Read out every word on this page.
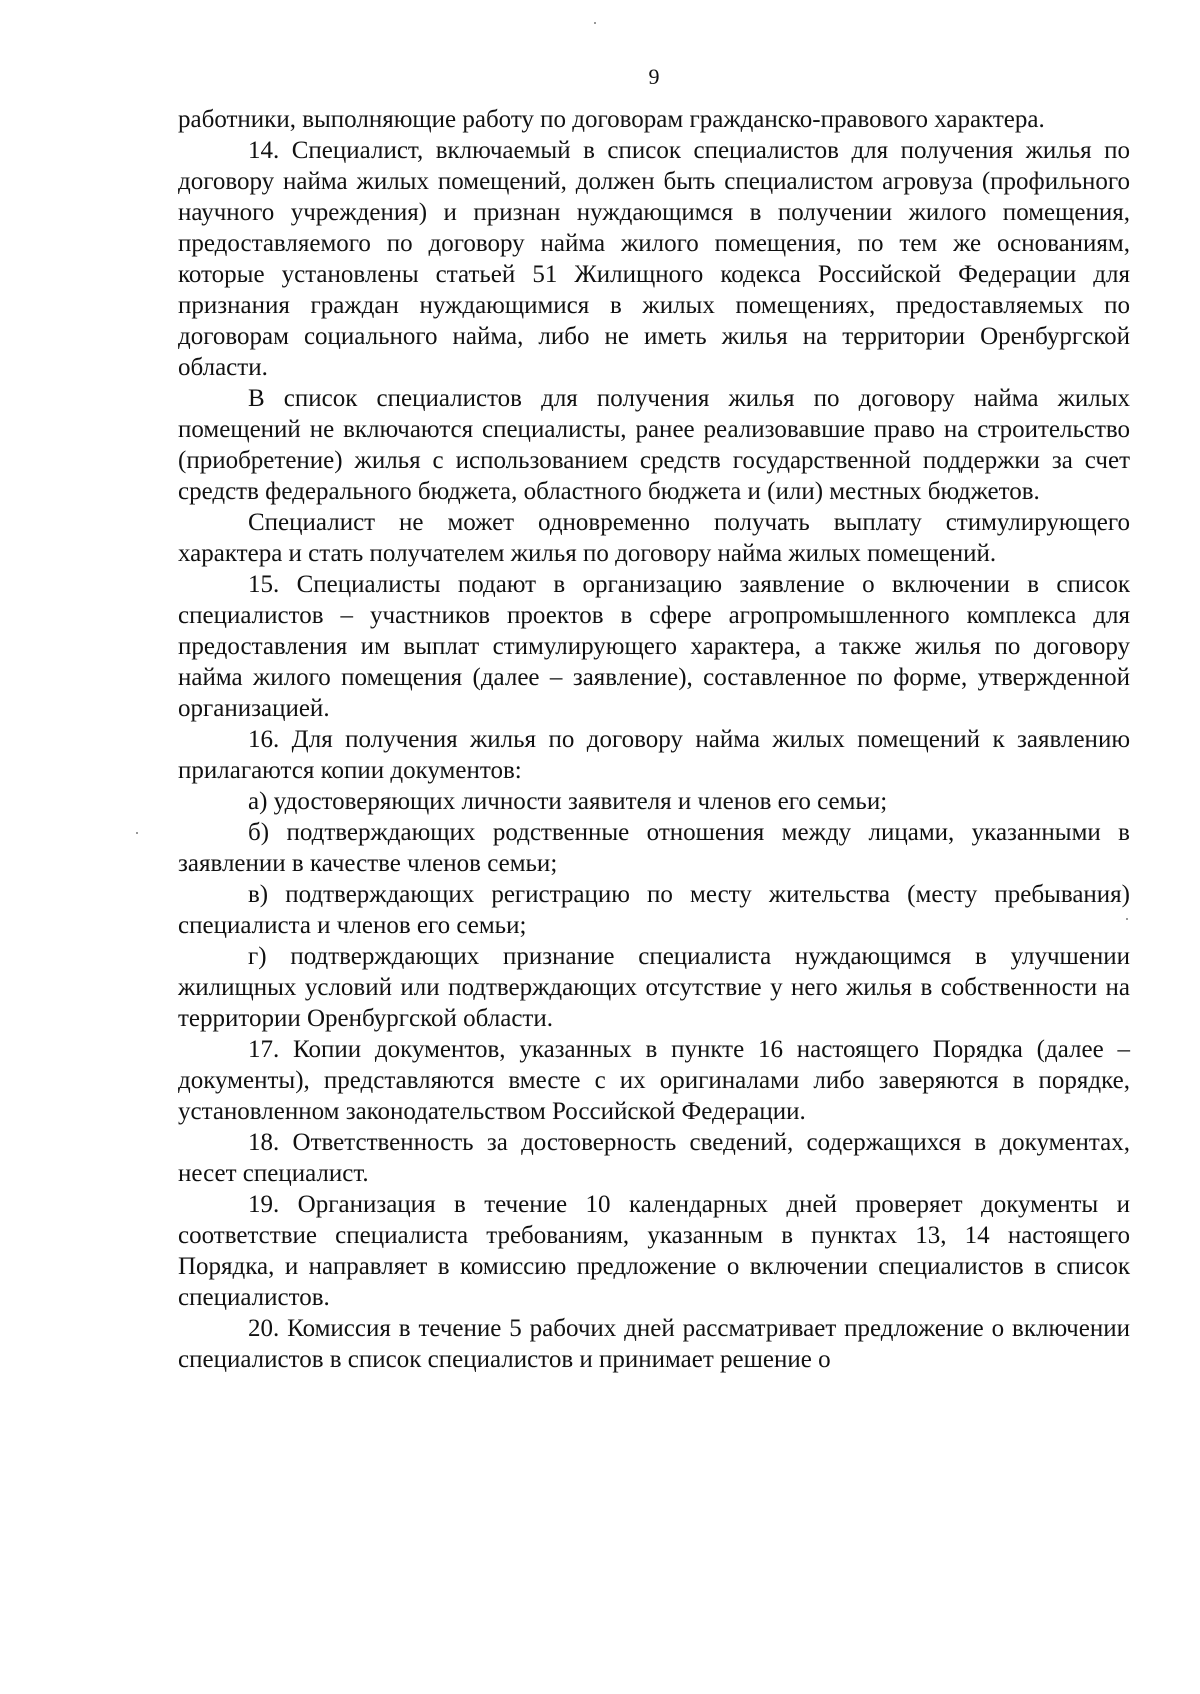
9

работники, выполняющие работу по договорам гражданско-правового характера.

14. Специалист, включаемый в список специалистов для получения жилья по договору найма жилых помещений, должен быть специалистом агровуза (профильного научного учреждения) и признан нуждающимся в получении жилого помещения, предоставляемого по договору найма жилого помещения, по тем же основаниям, которые установлены статьей 51 Жилищного кодекса Российской Федерации для признания граждан нуждающимися в жилых помещениях, предоставляемых по договорам социального найма, либо не иметь жилья на территории Оренбургской области.

В список специалистов для получения жилья по договору найма жилых помещений не включаются специалисты, ранее реализовавшие право на строительство (приобретение) жилья с использованием средств государственной поддержки за счет средств федерального бюджета, областного бюджета и (или) местных бюджетов.

Специалист не может одновременно получать выплату стимулирующего характера и стать получателем жилья по договору найма жилых помещений.

15. Специалисты подают в организацию заявление о включении в список специалистов – участников проектов в сфере агропромышленного комплекса для предоставления им выплат стимулирующего характера, а также жилья по договору найма жилого помещения (далее – заявление), составленное по форме, утвержденной организацией.

16. Для получения жилья по договору найма жилых помещений к заявлению прилагаются копии документов:

а) удостоверяющих личности заявителя и членов его семьи;

б) подтверждающих родственные отношения между лицами, указанными в заявлении в качестве членов семьи;

в) подтверждающих регистрацию по месту жительства (месту пребывания) специалиста и членов его семьи;

г) подтверждающих признание специалиста нуждающимся в улучшении жилищных условий или подтверждающих отсутствие у него жилья в собственности на территории Оренбургской области.

17. Копии документов, указанных в пункте 16 настоящего Порядка (далее – документы), представляются вместе с их оригиналами либо заверяются в порядке, установленном законодательством Российской Федерации.

18. Ответственность за достоверность сведений, содержащихся в документах, несет специалист.

19. Организация в течение 10 календарных дней проверяет документы и соответствие специалиста требованиям, указанным в пунктах 13, 14 настоящего Порядка, и направляет в комиссию предложение о включении специалистов в список специалистов.

20. Комиссия в течение 5 рабочих дней рассматривает предложение о включении специалистов в список специалистов и принимает решение о
